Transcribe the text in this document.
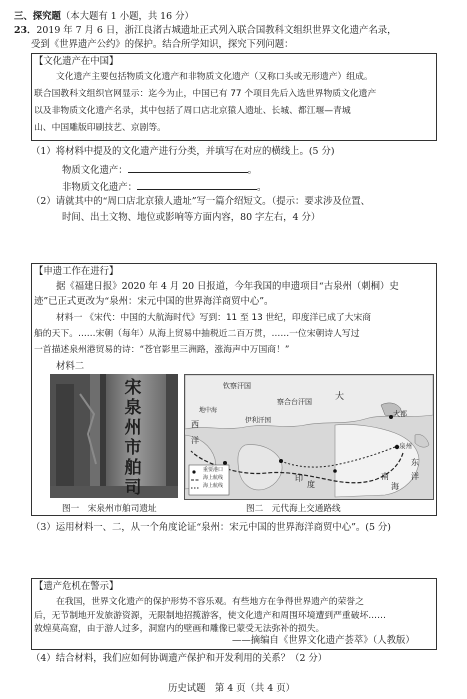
三、探究题（本大题有 1 小题，共 16 分）
23．2019 年 7 月 6 日，浙江良渚古城遗址正式列入联合国教科文组织世界文化遗产名录，
受到《世界遗产公约》的保护。结合所学知识，探究下列问题：
【文化遗产在中国】
文化遗产主要包括物质文化遗产和非物质文化遗产（又称口头或无形遗产）组成。
联合国教科文组织官网显示：迄今为止，中国已有 77 个项目先后入选世界物质文化遗产
以及非物质文化遗产名录，其中包括了周口店北京猿人遗址、长城、都江堰—青城
山、中国雕版印刷技艺、京剧等。
（1）将材料中提及的文化遗产进行分类，并填写在对应的横线上。(5 分)
物质文化遗产：	。
非物质文化遗产：	。
（2）请就其中的“周口店北京猿人遗址”写一篇介绍短文。（提示：要求涉及位置、
时间、出土文物、地位或影响等方面内容，80 字左右，4 分）
【申遗工作在进行】
据《福建日报》2020 年 4 月 20 日报道，今年我国的申遗项目“古泉州（刺桐）史
迹”已正式更改为“泉州：宋元中国的世界海洋商贸中心”。
材料一 《宋代：中国的大航海时代》写到：11 至 13 世纪，印度洋已成了大宋商
船的天下。……宋朝（每年）从海上贸易中抽税近二百万贯，……一位宋朝诗人写过
一首描述泉州港贸易的诗：“苍官影里三洲路，涨海声中万国商！”
材料二
宋泉州市舶司
重要港口
海上航线
海上航线
钦察汗国
察合台汗国
伊利汗国
大都
泉州
大
西
洋
印
度
地中海
东
洋
南
海
图一　宋泉州市舶司遗址	图二　元代海上交通路线
（3）运用材料一、二，从一个角度论证“泉州：宋元中国的世界海洋商贸中心”。(5 分)
【遗产危机在警示】
在我国，世界文化遗产的保护形势不容乐观。有些地方在争得世界遗产的荣誉之
后，无节制地开发旅游资源，无限制地招揽游客，使文化遗产和周围环境遭到严重破坏……
敦煌莫高窟，由于游人过多，洞窟内的壁画和雕像已蒙受无法弥补的损失。
——摘编自《世界文化遗产荟萃》（人教版）
（4）结合材料，我们应如何协调遗产保护和开发利用的关系？（2 分）
历史试题　第 4 页（共 4 页）
